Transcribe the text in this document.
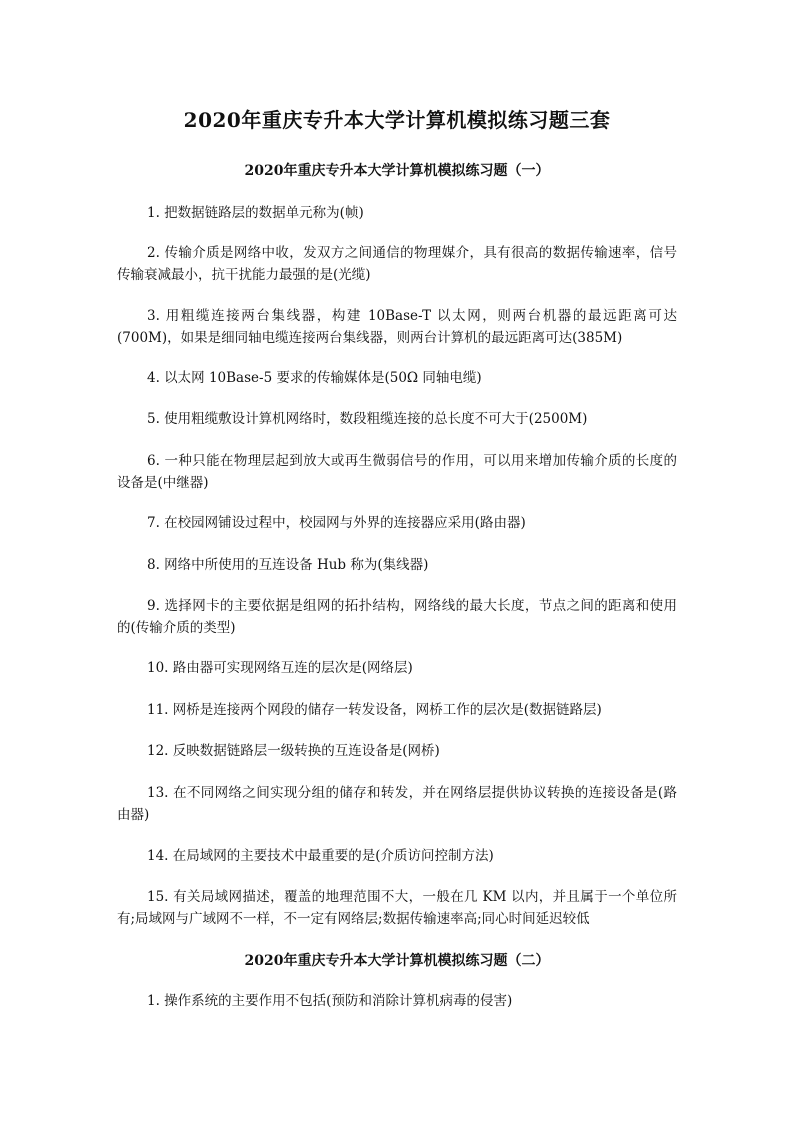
2020年重庆专升本大学计算机模拟练习题三套
2020年重庆专升本大学计算机模拟练习题（一）

1. 把数据链路层的数据单元称为(帧)

2. 传输介质是网络中收，发双方之间通信的物理媒介，具有很高的数据传输速率，信号传输衰减最小，抗干扰能力最强的是(光缆)

3. 用粗缆连接两台集线器，构建 10Base-T 以太网，则两台机器的最远距离可达(700M)，如果是细同轴电缆连接两台集线器，则两台计算机的最远距离可达(385M)

4. 以太网 10Base-5 要求的传输媒体是(50Ω 同轴电缆)

5. 使用粗缆敷设计算机网络时，数段粗缆连接的总长度不可大于(2500M)

6. 一种只能在物理层起到放大或再生微弱信号的作用，可以用来增加传输介质的长度的设备是(中继器)

7. 在校园网铺设过程中，校园网与外界的连接器应采用(路由器)

8. 网络中所使用的互连设备 Hub 称为(集线器)

9. 选择网卡的主要依据是组网的拓扑结构，网络线的最大长度，节点之间的距离和使用的(传输介质的类型)

10. 路由器可实现网络互连的层次是(网络层)

11. 网桥是连接两个网段的储存一转发设备，网桥工作的层次是(数据链路层)

12. 反映数据链路层一级转换的互连设备是(网桥)

13. 在不同网络之间实现分组的储存和转发，并在网络层提供协议转换的连接设备是(路由器)

14. 在局域网的主要技术中最重要的是(介质访问控制方法)

15. 有关局域网描述，覆盖的地理范围不大，一般在几 KM 以内，并且属于一个单位所有;局域网与广域网不一样，不一定有网络层;数据传输速率高;同心时间延迟较低

2020年重庆专升本大学计算机模拟练习题（二）

1. 操作系统的主要作用不包括(预防和消除计算机病毒的侵害)
